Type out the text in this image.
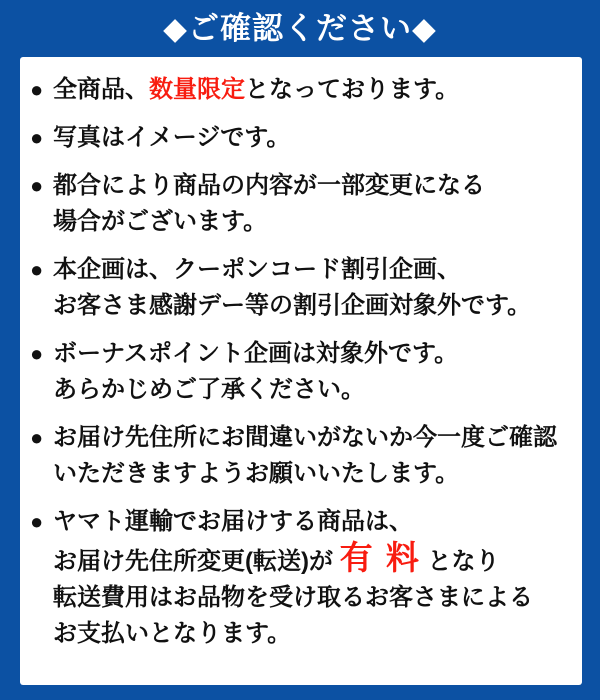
◆ご確認ください◆
● 全商品、数量限定となっております。
● 写真はイメージです。
● 都合により商品の内容が一部変更になる
場合がございます。
● 本企画は、クーポンコード割引企画、
お客さま感謝デー等の割引企画対象外です。
● ボーナスポイント企画は対象外です。
あらかじめご了承ください。
● お届け先住所にお間違いがないか今一度ご確認
いただきますようお願いいたします。
● ヤマト運輸でお届けする商品は、
お届け先住所変更(転送)が 有 料 となり
転送費用はお品物を受け取るお客さまによる
お支払いとなります。
